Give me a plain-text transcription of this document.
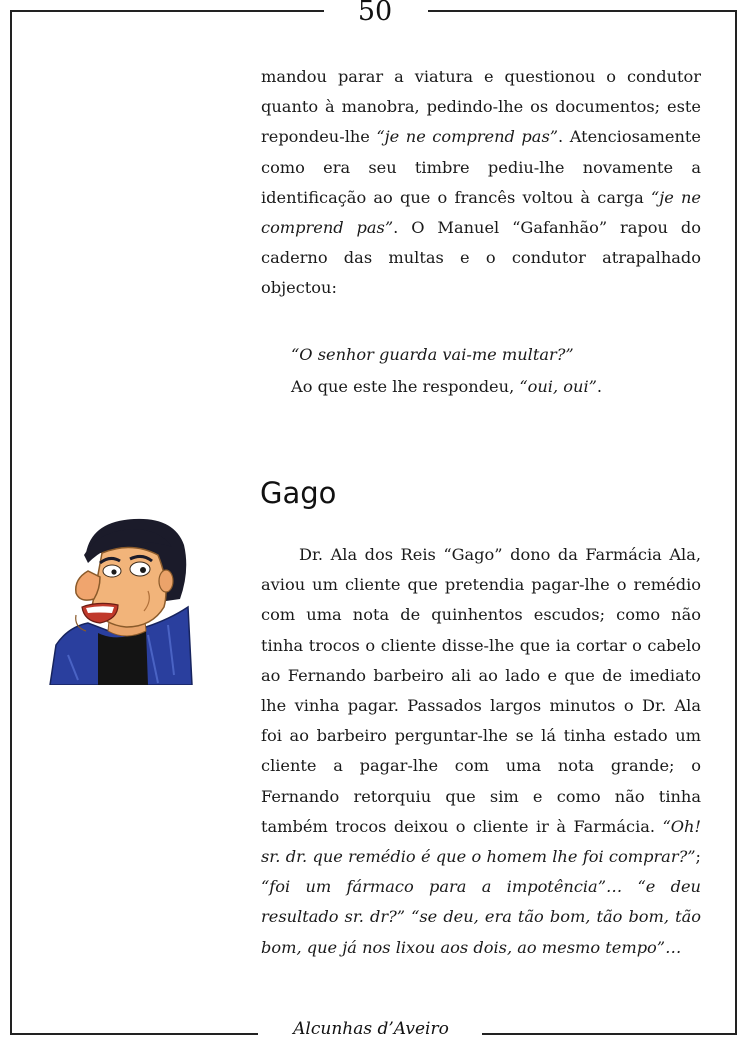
50

mandou parar a viatura e questionou o condutor quanto à manobra, pedindo-lhe os documentos; este repondeu-lhe “je ne comprend pas”. Atenciosamente como era seu timbre pediu-lhe novamente a identificação ao que o francês voltou à carga “je ne comprend pas”. O Manuel “Gafanhão” rapou do caderno das multas e o condutor atrapalhado objectou:

“O senhor guarda vai-me multar?”
Ao que este lhe respondeu, “oui, oui”.
Gago

Dr. Ala dos Reis “Gago” dono da Farmácia Ala, aviou um cliente que pretendia pagar-lhe o remédio com uma nota de quinhentos escudos; como não tinha trocos o cliente disse-lhe que ia cortar o cabelo ao Fernando barbeiro ali ao lado e que de imediato lhe vinha pagar. Passados largos minutos o Dr. Ala foi ao barbeiro perguntar-lhe se lá tinha estado um cliente a pagar-lhe com uma nota grande; o Fernando retorquiu que sim e como não tinha também trocos deixou o cliente ir à Farmácia. “Oh! sr. dr. que remédio é que o homem lhe foi comprar?”; “foi um fármaco para a impotência”… “e deu resultado sr. dr?” “se deu, era tão bom, tão bom, tão bom, que já nos lixou aos dois, ao mesmo tempo”…

Alcunhas d’Aveiro
